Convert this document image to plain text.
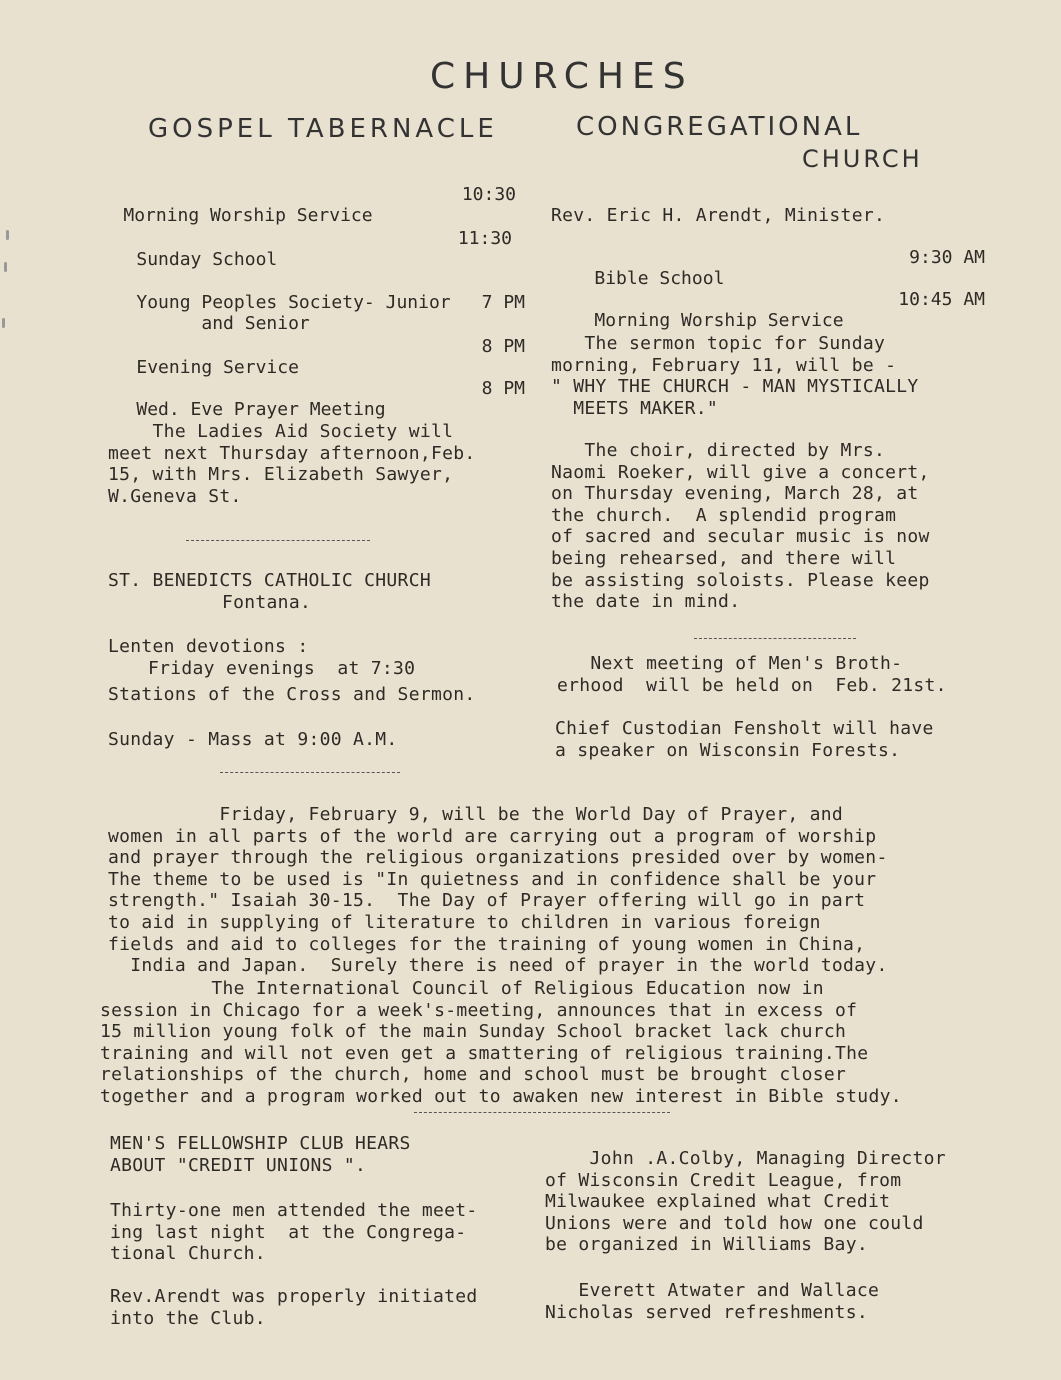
CHURCHES
GOSPEL TABERNACLE	CONGREGATIONAL
CHURCH

Morning Worship Service

10:30

Sunday School

11:30

Young Peoples Society- Junior

and Senior

7 PM

Evening Service

8 PM

Wed. Eve Prayer Meeting

8 PM

The Ladies Aid Society will
meet next Thursday afternoon,Feb.
15, with Mrs. Elizabeth Sawyer,
W.Geneva St.
ST. BENEDICTS CATHOLIC CHURCH
Fontana.
Lenten devotions :
Friday evenings  at 7:30
Stations of the Cross and Sermon.
Sunday - Mass at 9:00 A.M.
Rev. Eric H. Arendt, Minister.

Bible School

9:30 AM

Morning Worship Service

10:45 AM

The sermon topic for Sunday
morning, February 11, will be -
" WHY THE CHURCH - MAN MYSTICALLY
MEETS MAKER."
The choir, directed by Mrs.
Naomi Roeker, will give a concert,
on Thursday evening, March 28, at
the church.  A splendid program
of sacred and secular music is now
being rehearsed, and there will
be assisting soloists. Please keep
the date in mind.
Next meeting of Men's Broth-
erhood  will be held on  Feb. 21st.
Chief Custodian Fensholt will have
a speaker on Wisconsin Forests.
Friday, February 9, will be the World Day of Prayer, and
women in all parts of the world are carrying out a program of worship
and prayer through the religious organizations presided over by women-
The theme to be used is "In quietness and in confidence shall be your
strength." Isaiah 30-15.  The Day of Prayer offering will go in part
to aid in supplying of literature to children in various foreign
fields and aid to colleges for the training of young women in China,
India and Japan.  Surely there is need of prayer in the world today.
The International Council of Religious Education now in
session in Chicago for a week's-meeting, announces that in excess of
15 million young folk of the main Sunday School bracket lack church
training and will not even get a smattering of religious training.The
relationships of the church, home and school must be brought closer
together and a program worked out to awaken new interest in Bible study.
MEN'S FELLOWSHIP CLUB HEARS
ABOUT "CREDIT UNIONS ".
Thirty-one men attended the meet-
ing last night  at the Congrega-
tional Church.
Rev.Arendt was properly initiated
into the Club.
John .A.Colby, Managing Director
of Wisconsin Credit League, from
Milwaukee explained what Credit
Unions were and told how one could
be organized in Williams Bay.
Everett Atwater and Wallace
Nicholas served refreshments.
